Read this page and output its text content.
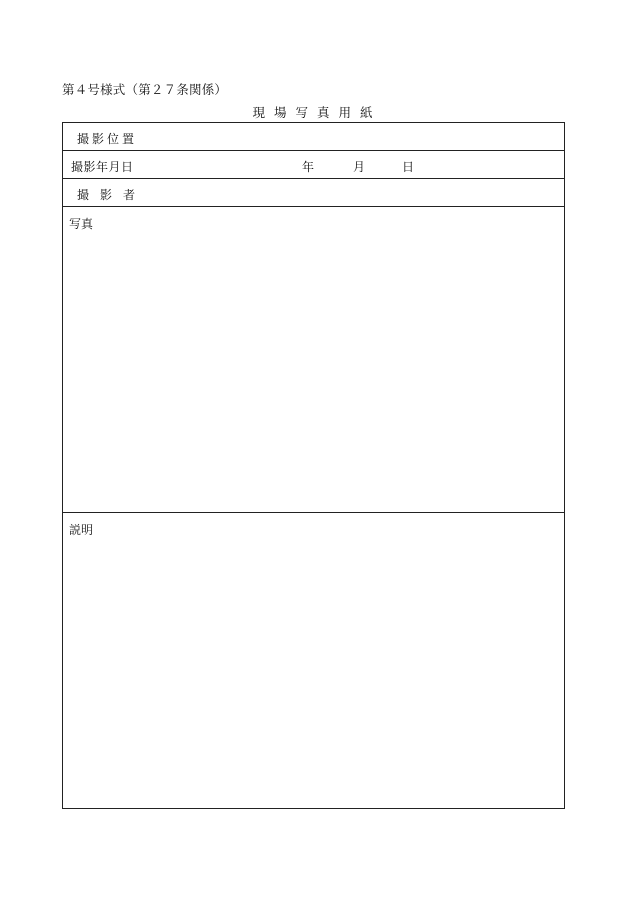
第４号様式（第２７条関係）
現場写真用紙
撮影位置
撮影年月日	年	月	日
撮影者
写真
説明
